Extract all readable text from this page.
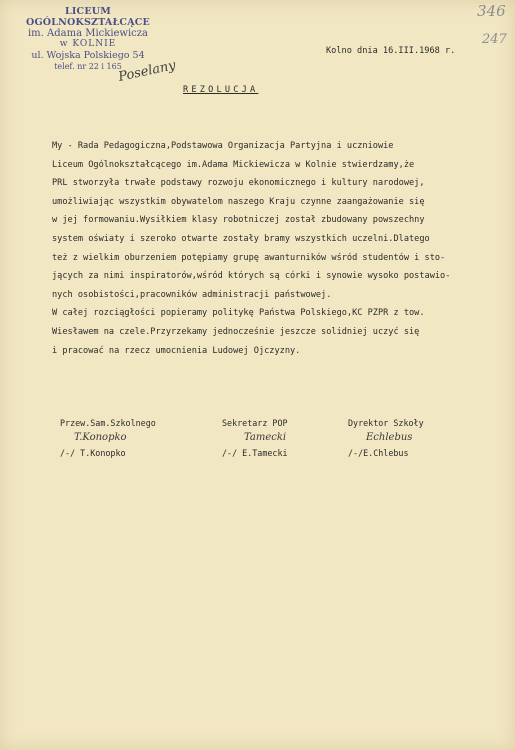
LICEUM OGÓLNOKSZTAŁCĄCE
im. Adama Mickiewicza
w KOLNIE
ul. Wojska Polskiego 54
telef. nr 22 i 165
346
247
Kolno dnia 16.III.1968 r.
Poselany
REZOLUCJA
My - Rada Pedagogiczna,Podstawowa Organizacja Partyjna i uczniowie
Liceum Ogólnokształcącego im.Adama Mickiewicza w Kolnie stwierdzamy,że
PRL stworzyła trwałe podstawy rozwoju ekonomicznego i kultury narodowej,
umożliwiając wszystkim obywatelom naszego Kraju czynne zaangażowanie się
w jej formowaniu.Wysiłkiem klasy robotniczej został zbudowany powszechny
system oświaty i szeroko otwarte zostały bramy wszystkich uczelni.Dlatego
też z wielkim oburzeniem potępiamy grupę awanturników wśród studentów i sto-
jących za nimi inspiratorów,wśród których są córki i synowie wysoko postawio-
nych osobistości,pracowników administracji państwowej.
W całej rozciągłości popieramy politykę Państwa Polskiego,KC PZPR z tow.
Wiesławem na czele.Przyrzekamy jednocześnie jeszcze solidniej uczyć się
i pracować na rzecz umocnienia Ludowej Ojczyzny.
Przew.Sam.Szkolnego
T.Konopko
/-/ T.Konopko
Sekretarz POP
Tamecki
/-/ E.Tamecki
Dyrektor Szkoły
Echlebus
/-/E.Chlebus
